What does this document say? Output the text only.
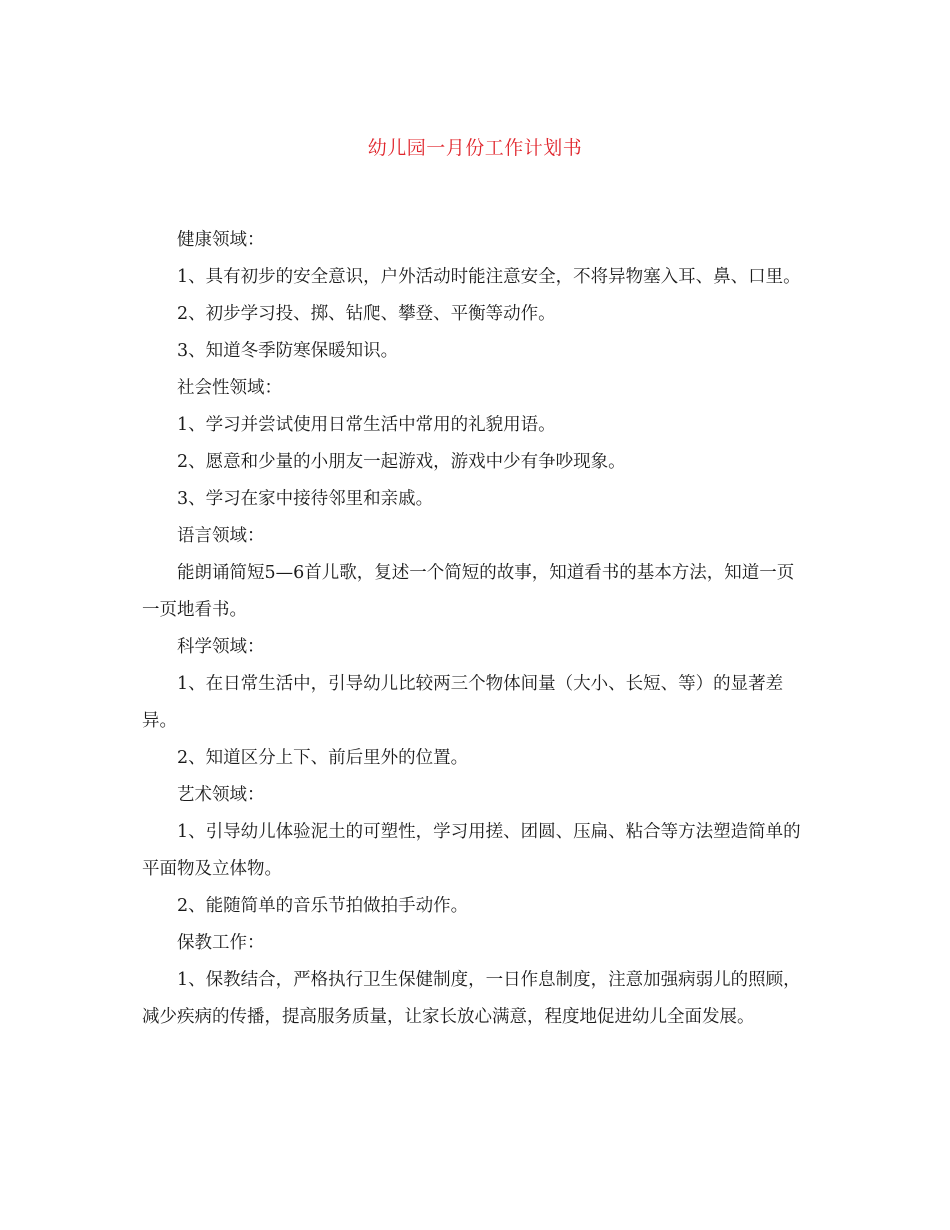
幼儿园一月份工作计划书

健康领域：

1、具有初步的安全意识，户外活动时能注意安全，不将异物塞入耳、鼻、口里。

2、初步学习投、掷、钻爬、攀登、平衡等动作。

3、知道冬季防寒保暖知识。

社会性领域：

1、学习并尝试使用日常生活中常用的礼貌用语。

2、愿意和少量的小朋友一起游戏，游戏中少有争吵现象。

3、学习在家中接待邻里和亲戚。

语言领域：

能朗诵简短5—6首儿歌，复述一个简短的故事，知道看书的基本方法，知道一页一页地看书。

科学领域：

1、在日常生活中，引导幼儿比较两三个物体间量（大小、长短、等）的显著差异。

2、知道区分上下、前后里外的位置。

艺术领域：

1、引导幼儿体验泥土的可塑性，学习用搓、团圆、压扁、粘合等方法塑造简单的平面物及立体物。

2、能随简单的音乐节拍做拍手动作。

保教工作：

1、保教结合，严格执行卫生保健制度，一日作息制度，注意加强病弱儿的照顾，减少疾病的传播，提高服务质量，让家长放心满意，程度地促进幼儿全面发展。
